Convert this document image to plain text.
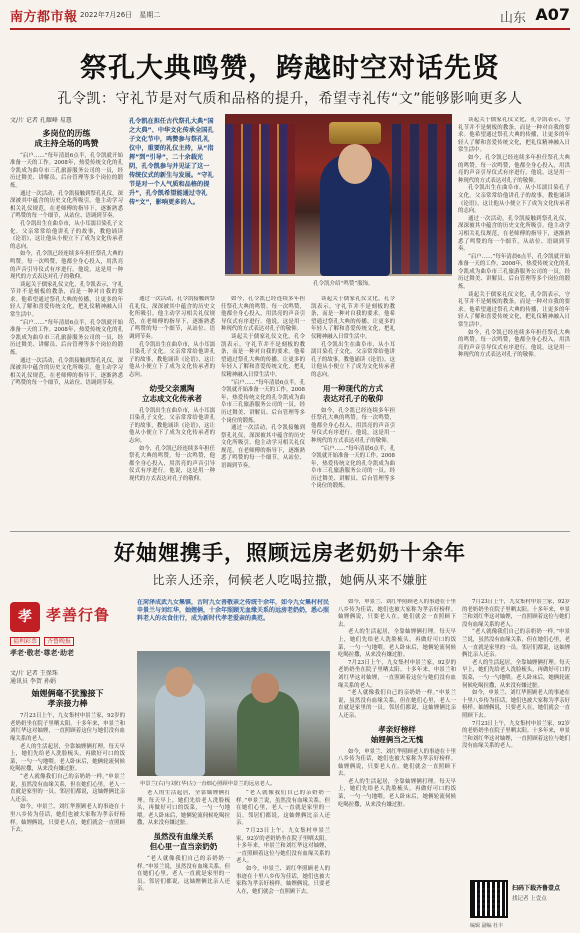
南方都市報 2022年7月26日 星期二	山东 A07
祭孔大典鸣赞，跨越时空对话先贤
孔令凯：守礼节是对气质和品格的提升，希望寺礼传“文”能够影响更多人
文/片 记者 孔耀峰 易慧
多岗位的历练
成主持全场的鸣赞
“启户……”每年清晨6点半，孔令凯就开始准备一天的工作。2008年，热爱传统文化的孔令凯成为曲阜市三孔旅游服务公司的一员，经历过舞美、讲解员、后台管理等多个岗位的锻炼。
通过一次活动，孔令凯接触到祭孔礼仪，深深被其中蕴含的历史文化所吸引。他主动学习相关礼仪规范，在老师傅的指导下，逐渐熟悉了鸣赞的每一个细节，从站位、语调到节奏。
孔令凯出生在曲阜市，从小耳濡目染孔子文化。父亲常常给他讲孔子的故事，教他诵读《论语》，这让他从小便立下了成为文化传承者的志向。
如今，孔令凯已经连续多年担任祭孔大典的鸣赞。每一次鸣赞，他都全身心投入，用洪亮的声音引导仪式有序进行。他说，这是用一种现代的方式表达对孔子的敬仰。
谈起关于儒家礼仪文化，孔令凯表示，守礼节并不是刻板的教条，而是一种对自我的要求。他希望通过祭孔大典的传播，让更多的年轻人了解和喜爱传统文化，把礼仪精神融入日常生活中。
“启户……”每年清晨6点半，孔令凯就开始准备一天的工作。2008年，热爱传统文化的孔令凯成为曲阜市三孔旅游服务公司的一员，经历过舞美、讲解员、后台管理等多个岗位的锻炼。
通过一次活动，孔令凯接触到祭孔礼仪，深深被其中蕴含的历史文化所吸引。他主动学习相关礼仪规范，在老师傅的指导下，逐渐熟悉了鸣赞的每一个细节，从站位、语调到节奏。
孔令凯在担任古代祭孔大典“国之大典”、中华文化传承全国孔子文化节中，鸣赞参与祭孔礼仪中，重要的礼仪主持，从“指挥”到“引导”，二十余载光阴，孔令凯参与并见证了这一传统仪式的新生与发展。“守礼节是对一个人气质和品格的提升”，孔令凯希望能通过寺礼传“文”，影响更多的人。
孔令凯介绍“鸣赞”服饰。
通过一次活动，孔令凯接触到祭孔礼仪，深深被其中蕴含的历史文化所吸引。他主动学习相关礼仪规范，在老师傅的指导下，逐渐熟悉了鸣赞的每一个细节，从站位、语调到节奏。
孔令凯出生在曲阜市，从小耳濡目染孔子文化。父亲常常给他讲孔子的故事，教他诵读《论语》，这让他从小便立下了成为文化传承者的志向。
幼受父亲熏陶
立志成文化传承者
孔令凯出生在曲阜市，从小耳濡目染孔子文化。父亲常常给他讲孔子的故事，教他诵读《论语》，这让他从小便立下了成为文化传承者的志向。
如今，孔令凯已经连续多年担任祭孔大典的鸣赞。每一次鸣赞，他都全身心投入，用洪亮的声音引导仪式有序进行。他说，这是用一种现代的方式表达对孔子的敬仰。
如今，孔令凯已经连续多年担任祭孔大典的鸣赞。每一次鸣赞，他都全身心投入，用洪亮的声音引导仪式有序进行。他说，这是用一种现代的方式表达对孔子的敬仰。
谈起关于儒家礼仪文化，孔令凯表示，守礼节并不是刻板的教条，而是一种对自我的要求。他希望通过祭孔大典的传播，让更多的年轻人了解和喜爱传统文化，把礼仪精神融入日常生活中。
“启户……”每年清晨6点半，孔令凯就开始准备一天的工作。2008年，热爱传统文化的孔令凯成为曲阜市三孔旅游服务公司的一员，经历过舞美、讲解员、后台管理等多个岗位的锻炼。
通过一次活动，孔令凯接触到祭孔礼仪，深深被其中蕴含的历史文化所吸引。他主动学习相关礼仪规范，在老师傅的指导下，逐渐熟悉了鸣赞的每一个细节，从站位、语调到节奏。
谈起关于儒家礼仪文化，孔令凯表示，守礼节并不是刻板的教条，而是一种对自我的要求。他希望通过祭孔大典的传播，让更多的年轻人了解和喜爱传统文化，把礼仪精神融入日常生活中。
孔令凯出生在曲阜市，从小耳濡目染孔子文化。父亲常常给他讲孔子的故事，教他诵读《论语》，这让他从小便立下了成为文化传承者的志向。
用一种现代的方式
表达对孔子的敬仰
如今，孔令凯已经连续多年担任祭孔大典的鸣赞。每一次鸣赞，他都全身心投入，用洪亮的声音引导仪式有序进行。他说，这是用一种现代的方式表达对孔子的敬仰。
“启户……”每年清晨6点半，孔令凯就开始准备一天的工作。2008年，热爱传统文化的孔令凯成为曲阜市三孔旅游服务公司的一员，经历过舞美、讲解员、后台管理等多个岗位的锻炼。
谈起关于儒家礼仪文化，孔令凯表示，守礼节并不是刻板的教条，而是一种对自我的要求。他希望通过祭孔大典的传播，让更多的年轻人了解和喜爱传统文化，把礼仪精神融入日常生活中。
如今，孔令凯已经连续多年担任祭孔大典的鸣赞。每一次鸣赞，他都全身心投入，用洪亮的声音引导仪式有序进行。他说，这是用一种现代的方式表达对孔子的敬仰。
孔令凯出生在曲阜市，从小耳濡目染孔子文化。父亲常常给他讲孔子的故事，教他诵读《论语》，这让他从小便立下了成为文化传承者的志向。
通过一次活动，孔令凯接触到祭孔礼仪，深深被其中蕴含的历史文化所吸引。他主动学习相关礼仪规范，在老师傅的指导下，逐渐熟悉了鸣赞的每一个细节，从站位、语调到节奏。
“启户……”每年清晨6点半，孔令凯就开始准备一天的工作。2008年，热爱传统文化的孔令凯成为曲阜市三孔旅游服务公司的一员，经历过舞美、讲解员、后台管理等多个岗位的锻炼。
谈起关于儒家礼仪文化，孔令凯表示，守礼节并不是刻板的教条，而是一种对自我的要求。他希望通过祭孔大典的传播，让更多的年轻人了解和喜爱传统文化，把礼仪精神融入日常生活中。
如今，孔令凯已经连续多年担任祭孔大典的鸣赞。每一次鸣赞，他都全身心投入，用洪亮的声音引导仪式有序进行。他说，这是用一种现代的方式表达对孔子的敬仰。
好妯娌携手，照顾远房老奶奶十余年
比亲人还亲，伺候老人吃喝拉撒，她俩从来不嫌脏
孝 孝善行鲁
福利彩票 齐鲁晚报
孝老·敬老·尊老·助老
文/片 记者 王保珠
通讯员 李贺 孙娟
妯娌俩毫不犹豫接下
孝亲接力棒
7月23日上午，九女集村申景兰家，92岁的老奶奶坐在院子里晒太阳。十多年来，申景兰和刘红华这对妯娌，一直照顾着这位与她们没有血缘关系的老人。
老人的生活起居，全靠妯娌俩打理。每天早上，她们先给老人洗脸梳头，再做好可口的饭菜，一勺一勺地喂。老人卧床后，她俩轮流伺候吃喝拉撒，从来没有嫌过脏。
“老人就像我们自己的亲奶奶一样。”申景兰说，虽然没有血缘关系，但在她们心里，老人一直就是家里的一员。邻居们都说，这妯娌俩比亲人还亲。
如今，申景兰、刘红华照顾老人的事迹在十里八乡传为佳话，她们也被大家称为孝亲好榜样。妯娌俩说，只要老人在，她们就会一直照顾下去。
在菏泽成武九女集镇，古时九女善敬亲之传统千余年，如今九女集村村民申景兰与刘红华，妯娌俩，十余年照顾无血缘关系的远房老奶奶，悉心照料老人的衣食住行，成为新时代孝老爱亲的典范。
申景兰(右)与刘红华(左)一直细心照顾申景兰的远房老人。
老人的生活起居，全靠妯娌俩打理。每天早上，她们先给老人洗脸梳头，再做好可口的饭菜，一勺一勺地喂。老人卧床后，她俩轮流伺候吃喝拉撒，从来没有嫌过脏。
虽然没有血缘关系
但心里一直当亲奶奶
“老人就像我们自己的亲奶奶一样。”申景兰说，虽然没有血缘关系，但在她们心里，老人一直就是家里的一员。邻居们都说，这妯娌俩比亲人还亲。
“老人就像我们自己的亲奶奶一样。”申景兰说，虽然没有血缘关系，但在她们心里，老人一直就是家里的一员。邻居们都说，这妯娌俩比亲人还亲。
7月23日上午，九女集村申景兰家，92岁的老奶奶坐在院子里晒太阳。十多年来，申景兰和刘红华这对妯娌，一直照顾着这位与她们没有血缘关系的老人。
如今，申景兰、刘红华照顾老人的事迹在十里八乡传为佳话，她们也被大家称为孝亲好榜样。妯娌俩说，只要老人在，她们就会一直照顾下去。
如今，申景兰、刘红华照顾老人的事迹在十里八乡传为佳话，她们也被大家称为孝亲好榜样。妯娌俩说，只要老人在，她们就会一直照顾下去。
老人的生活起居，全靠妯娌俩打理。每天早上，她们先给老人洗脸梳头，再做好可口的饭菜，一勺一勺地喂。老人卧床后，她俩轮流伺候吃喝拉撒，从来没有嫌过脏。
7月23日上午，九女集村申景兰家，92岁的老奶奶坐在院子里晒太阳。十多年来，申景兰和刘红华这对妯娌，一直照顾着这位与她们没有血缘关系的老人。
“老人就像我们自己的亲奶奶一样。”申景兰说，虽然没有血缘关系，但在她们心里，老人一直就是家里的一员。邻居们都说，这妯娌俩比亲人还亲。
孝亲好榜样
妯娌俩当之无愧
如今，申景兰、刘红华照顾老人的事迹在十里八乡传为佳话，她们也被大家称为孝亲好榜样。妯娌俩说，只要老人在，她们就会一直照顾下去。
老人的生活起居，全靠妯娌俩打理。每天早上，她们先给老人洗脸梳头，再做好可口的饭菜，一勺一勺地喂。老人卧床后，她俩轮流伺候吃喝拉撒，从来没有嫌过脏。
7月23日上午，九女集村申景兰家，92岁的老奶奶坐在院子里晒太阳。十多年来，申景兰和刘红华这对妯娌，一直照顾着这位与她们没有血缘关系的老人。
“老人就像我们自己的亲奶奶一样。”申景兰说，虽然没有血缘关系，但在她们心里，老人一直就是家里的一员。邻居们都说，这妯娌俩比亲人还亲。
老人的生活起居，全靠妯娌俩打理。每天早上，她们先给老人洗脸梳头，再做好可口的饭菜，一勺一勺地喂。老人卧床后，她俩轮流伺候吃喝拉撒，从来没有嫌过脏。
如今，申景兰、刘红华照顾老人的事迹在十里八乡传为佳话，她们也被大家称为孝亲好榜样。妯娌俩说，只要老人在，她们就会一直照顾下去。
7月23日上午，九女集村申景兰家，92岁的老奶奶坐在院子里晒太阳。十多年来，申景兰和刘红华这对妯娌，一直照顾着这位与她们没有血缘关系的老人。
扫码下载齐鲁壹点
找记者 上壹点
编辑 副编 杜丰
